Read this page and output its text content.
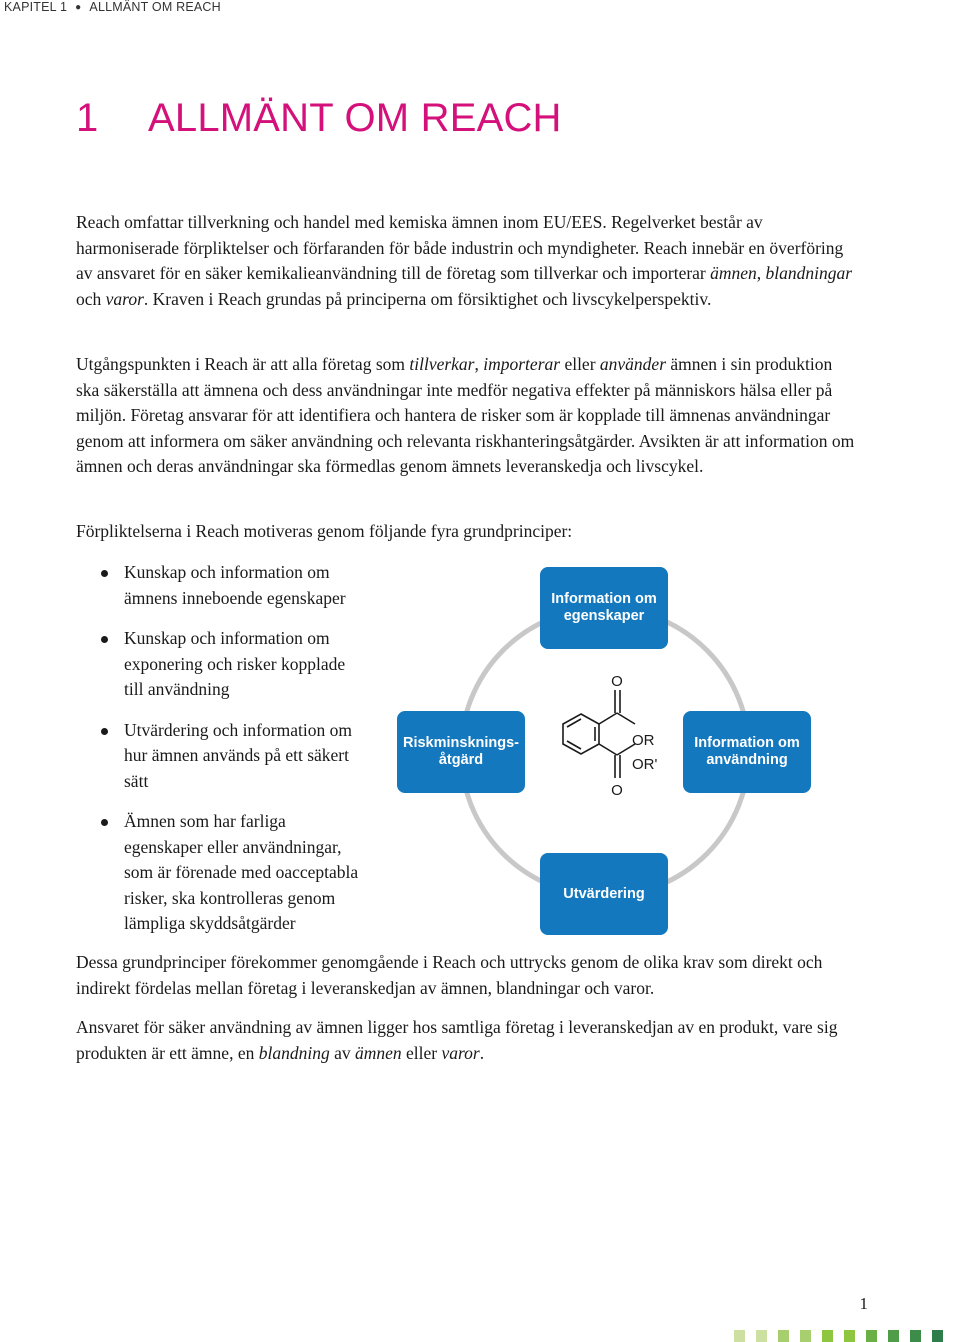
KAPITEL 1 ● ALLMÄNT OM REACH
1 ALLMÄNT OM REACH

Reach omfattar tillverkning och handel med kemiska ämnen inom EU/EES. Regelverket består av harmoniserade förpliktelser och förfaranden för både industrin och myndigheter. Reach innebär en överföring av ansvaret för en säker kemikalieanvändning till de företag som tillverkar och importerar ämnen, blandningar och varor. Kraven i Reach grundas på principerna om försiktighet och livscykelperspektiv.

Utgångspunkten i Reach är att alla företag som tillverkar, importerar eller använder ämnen i sin produktion ska säkerställa att ämnena och dess användningar inte medför negativa effekter på människors hälsa eller på miljön. Företag ansvarar för att identifiera och hantera de risker som är kopplade till ämnenas användningar genom att informera om säker användning och relevanta riskhanteringsåtgärder. Avsikten är att information om ämnen och deras användningar ska förmedlas genom ämnets leveranskedja och livscykel.

Förpliktelserna i Reach motiveras genom följande fyra grundprinciper:

Kunskap och information om
ämnens inneboende egenskaper
Kunskap och information om
exponering och risker kopplade
till användning
Utvärdering och information om
hur ämnen används på ett säkert
sätt
Ämnen som har farliga
egenskaper eller användningar,
som är förenade med oacceptabla
risker, ska kontrolleras genom
lämpliga skyddsåtgärder
O
O
OR
OR'
Information om
egenskaper
Riskminsknings-
åtgärd
Information om
användning
Utvärdering

Dessa grundprinciper förekommer genomgående i Reach och uttrycks genom de olika krav som direkt och indirekt fördelas mellan företag i leveranskedjan av ämnen, blandningar och varor.

Ansvaret för säker användning av ämnen ligger hos samtliga företag i leveranskedjan av en produkt, vare sig produkten är ett ämne, en blandning av ämnen eller varor.

1
